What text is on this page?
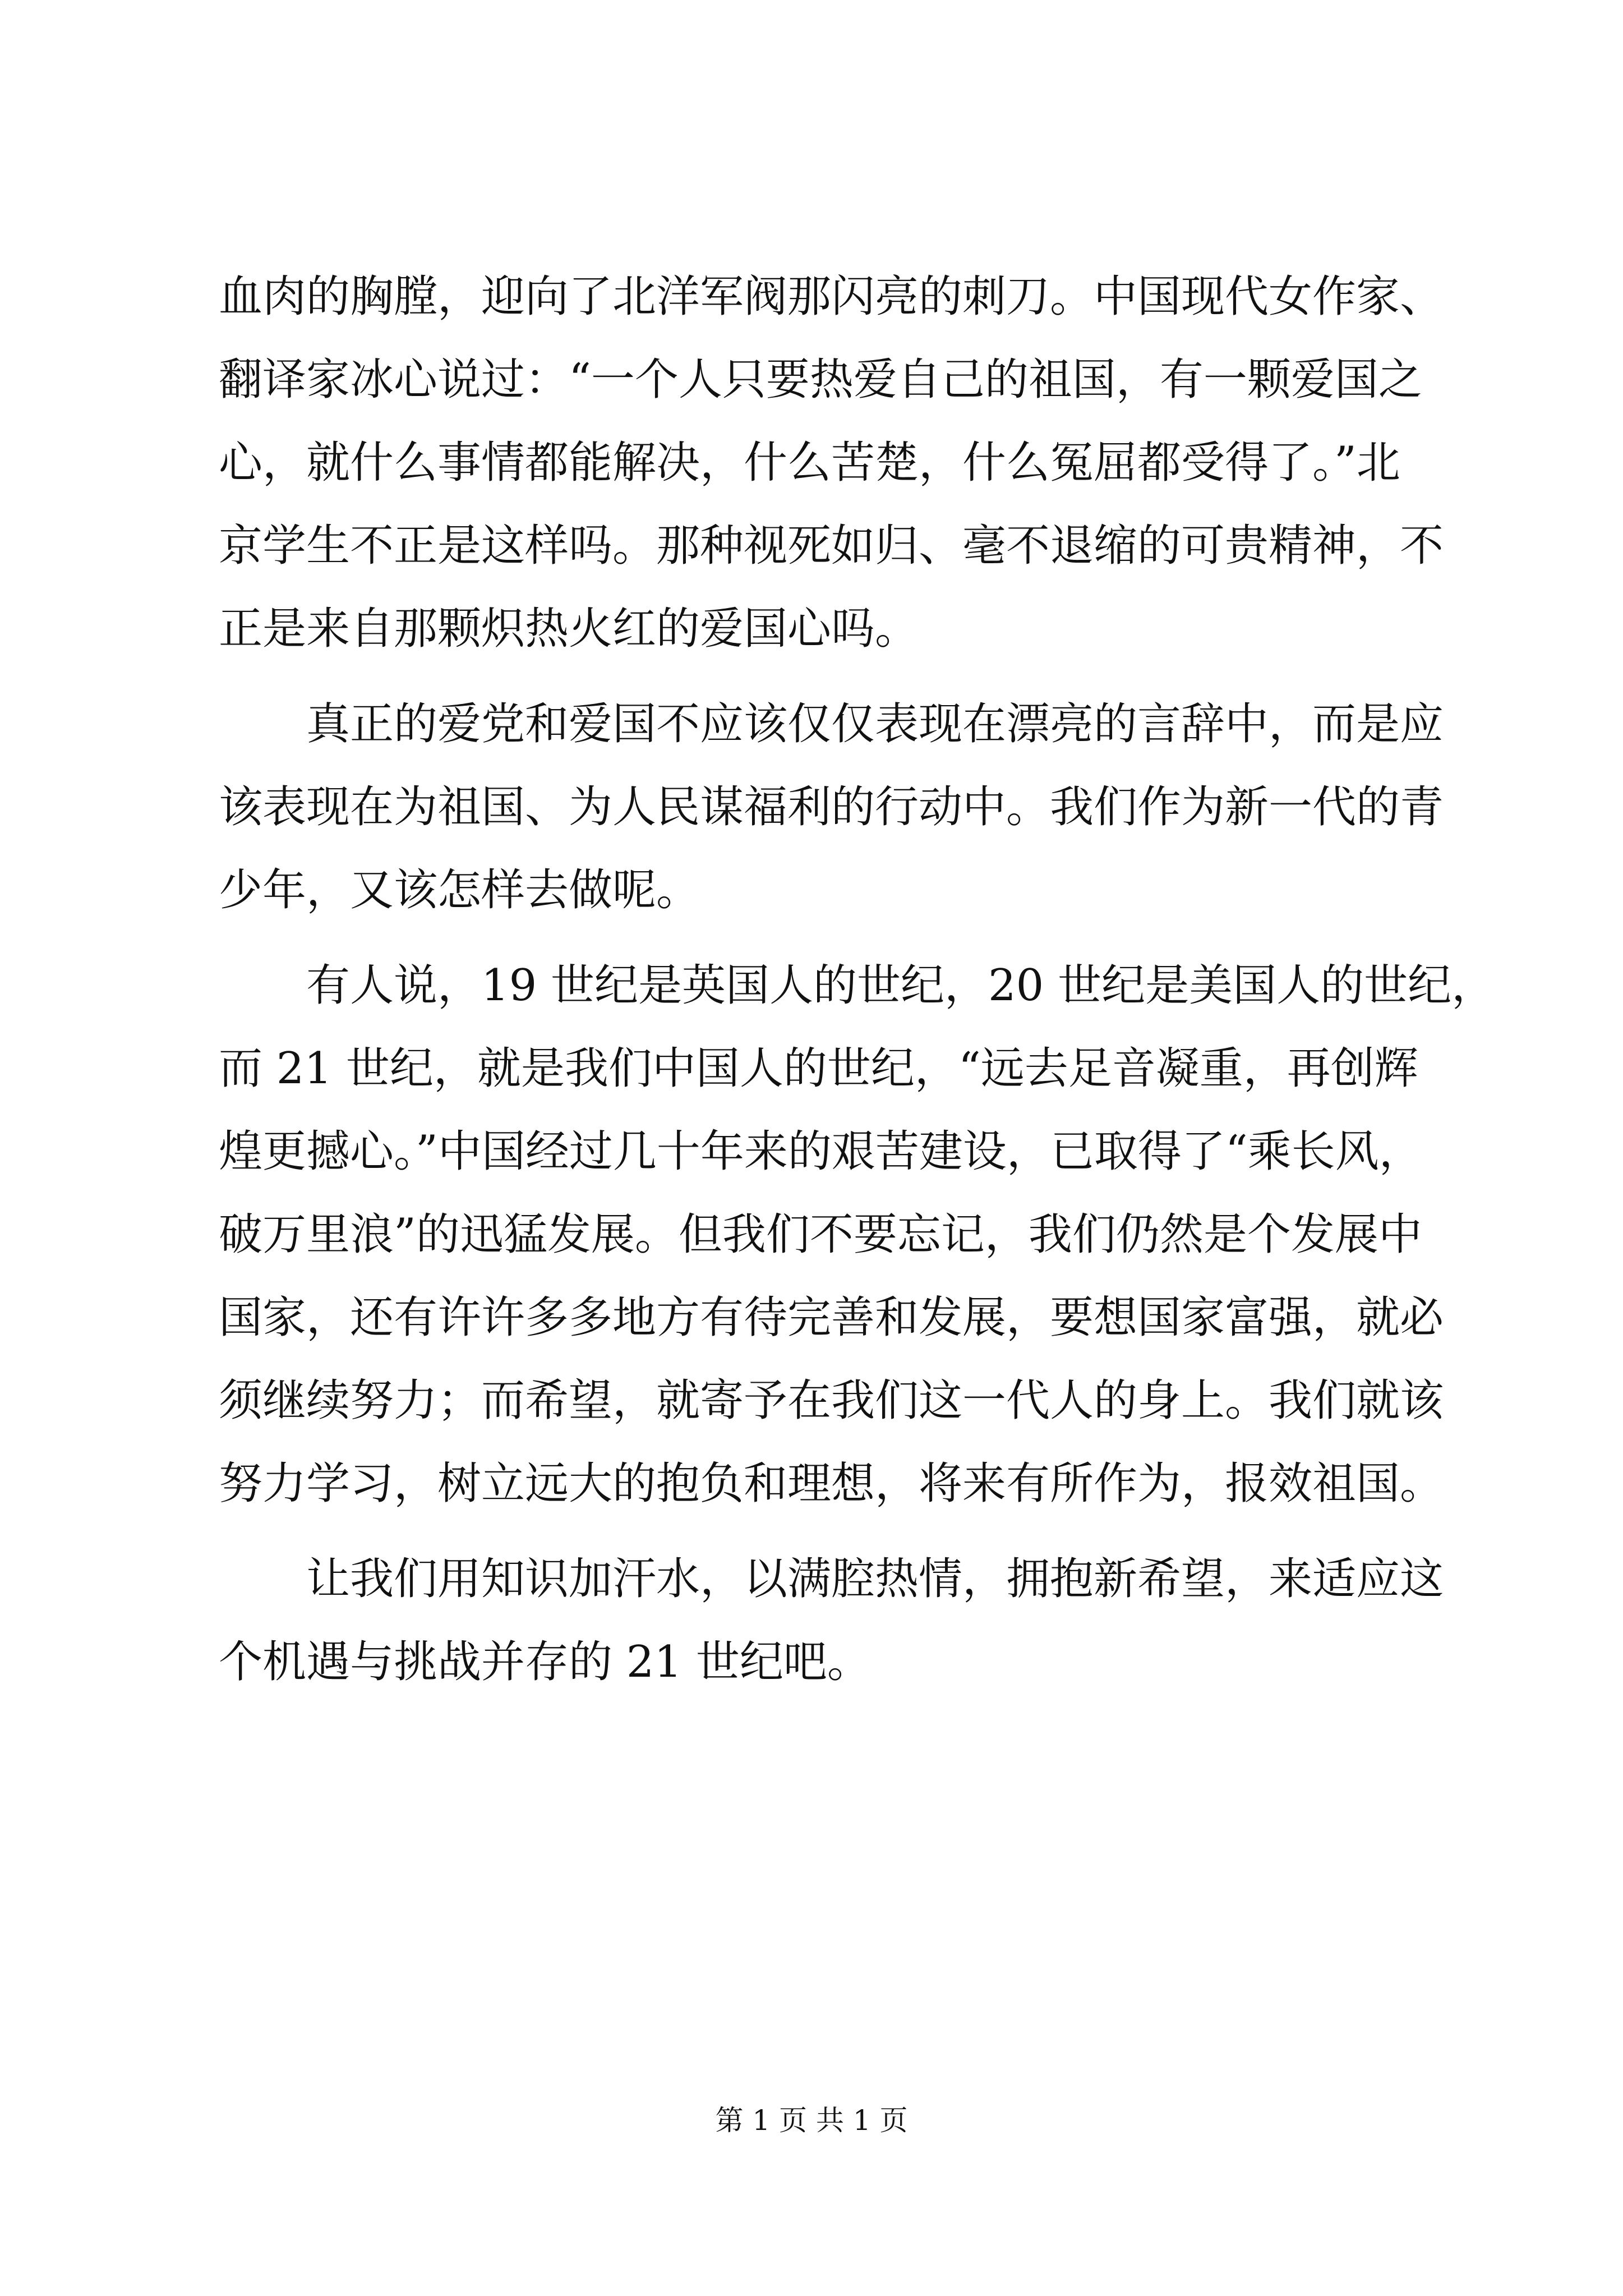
血肉的胸膛，迎向了北洋军阀那闪亮的刺刀。中国现代女作家、
翻译家冰心说过：“一个人只要热爱自己的祖国，有一颗爱国之
心，就什么事情都能解决，什么苦楚，什么冤屈都受得了。”北
京学生不正是这样吗。那种视死如归、毫不退缩的可贵精神，不
正是来自那颗炽热火红的爱国心吗。
　　真正的爱党和爱国不应该仅仅表现在漂亮的言辞中，而是应
该表现在为祖国、为人民谋福利的行动中。我们作为新一代的青
少年，又该怎样去做呢。
　　有人说，19 世纪是英国人的世纪，20 世纪是美国人的世纪，
而 21 世纪，就是我们中国人的世纪，“远去足音凝重，再创辉
煌更撼心。”中国经过几十年来的艰苦建设，已取得了“乘长风，
破万里浪”的迅猛发展。但我们不要忘记，我们仍然是个发展中
国家，还有许许多多地方有待完善和发展，要想国家富强，就必
须继续努力；而希望，就寄予在我们这一代人的身上。我们就该
努力学习，树立远大的抱负和理想，将来有所作为，报效祖国。
　　让我们用知识加汗水，以满腔热情，拥抱新希望，来适应这
个机遇与挑战并存的 21 世纪吧。
第 1 页 共 1 页
